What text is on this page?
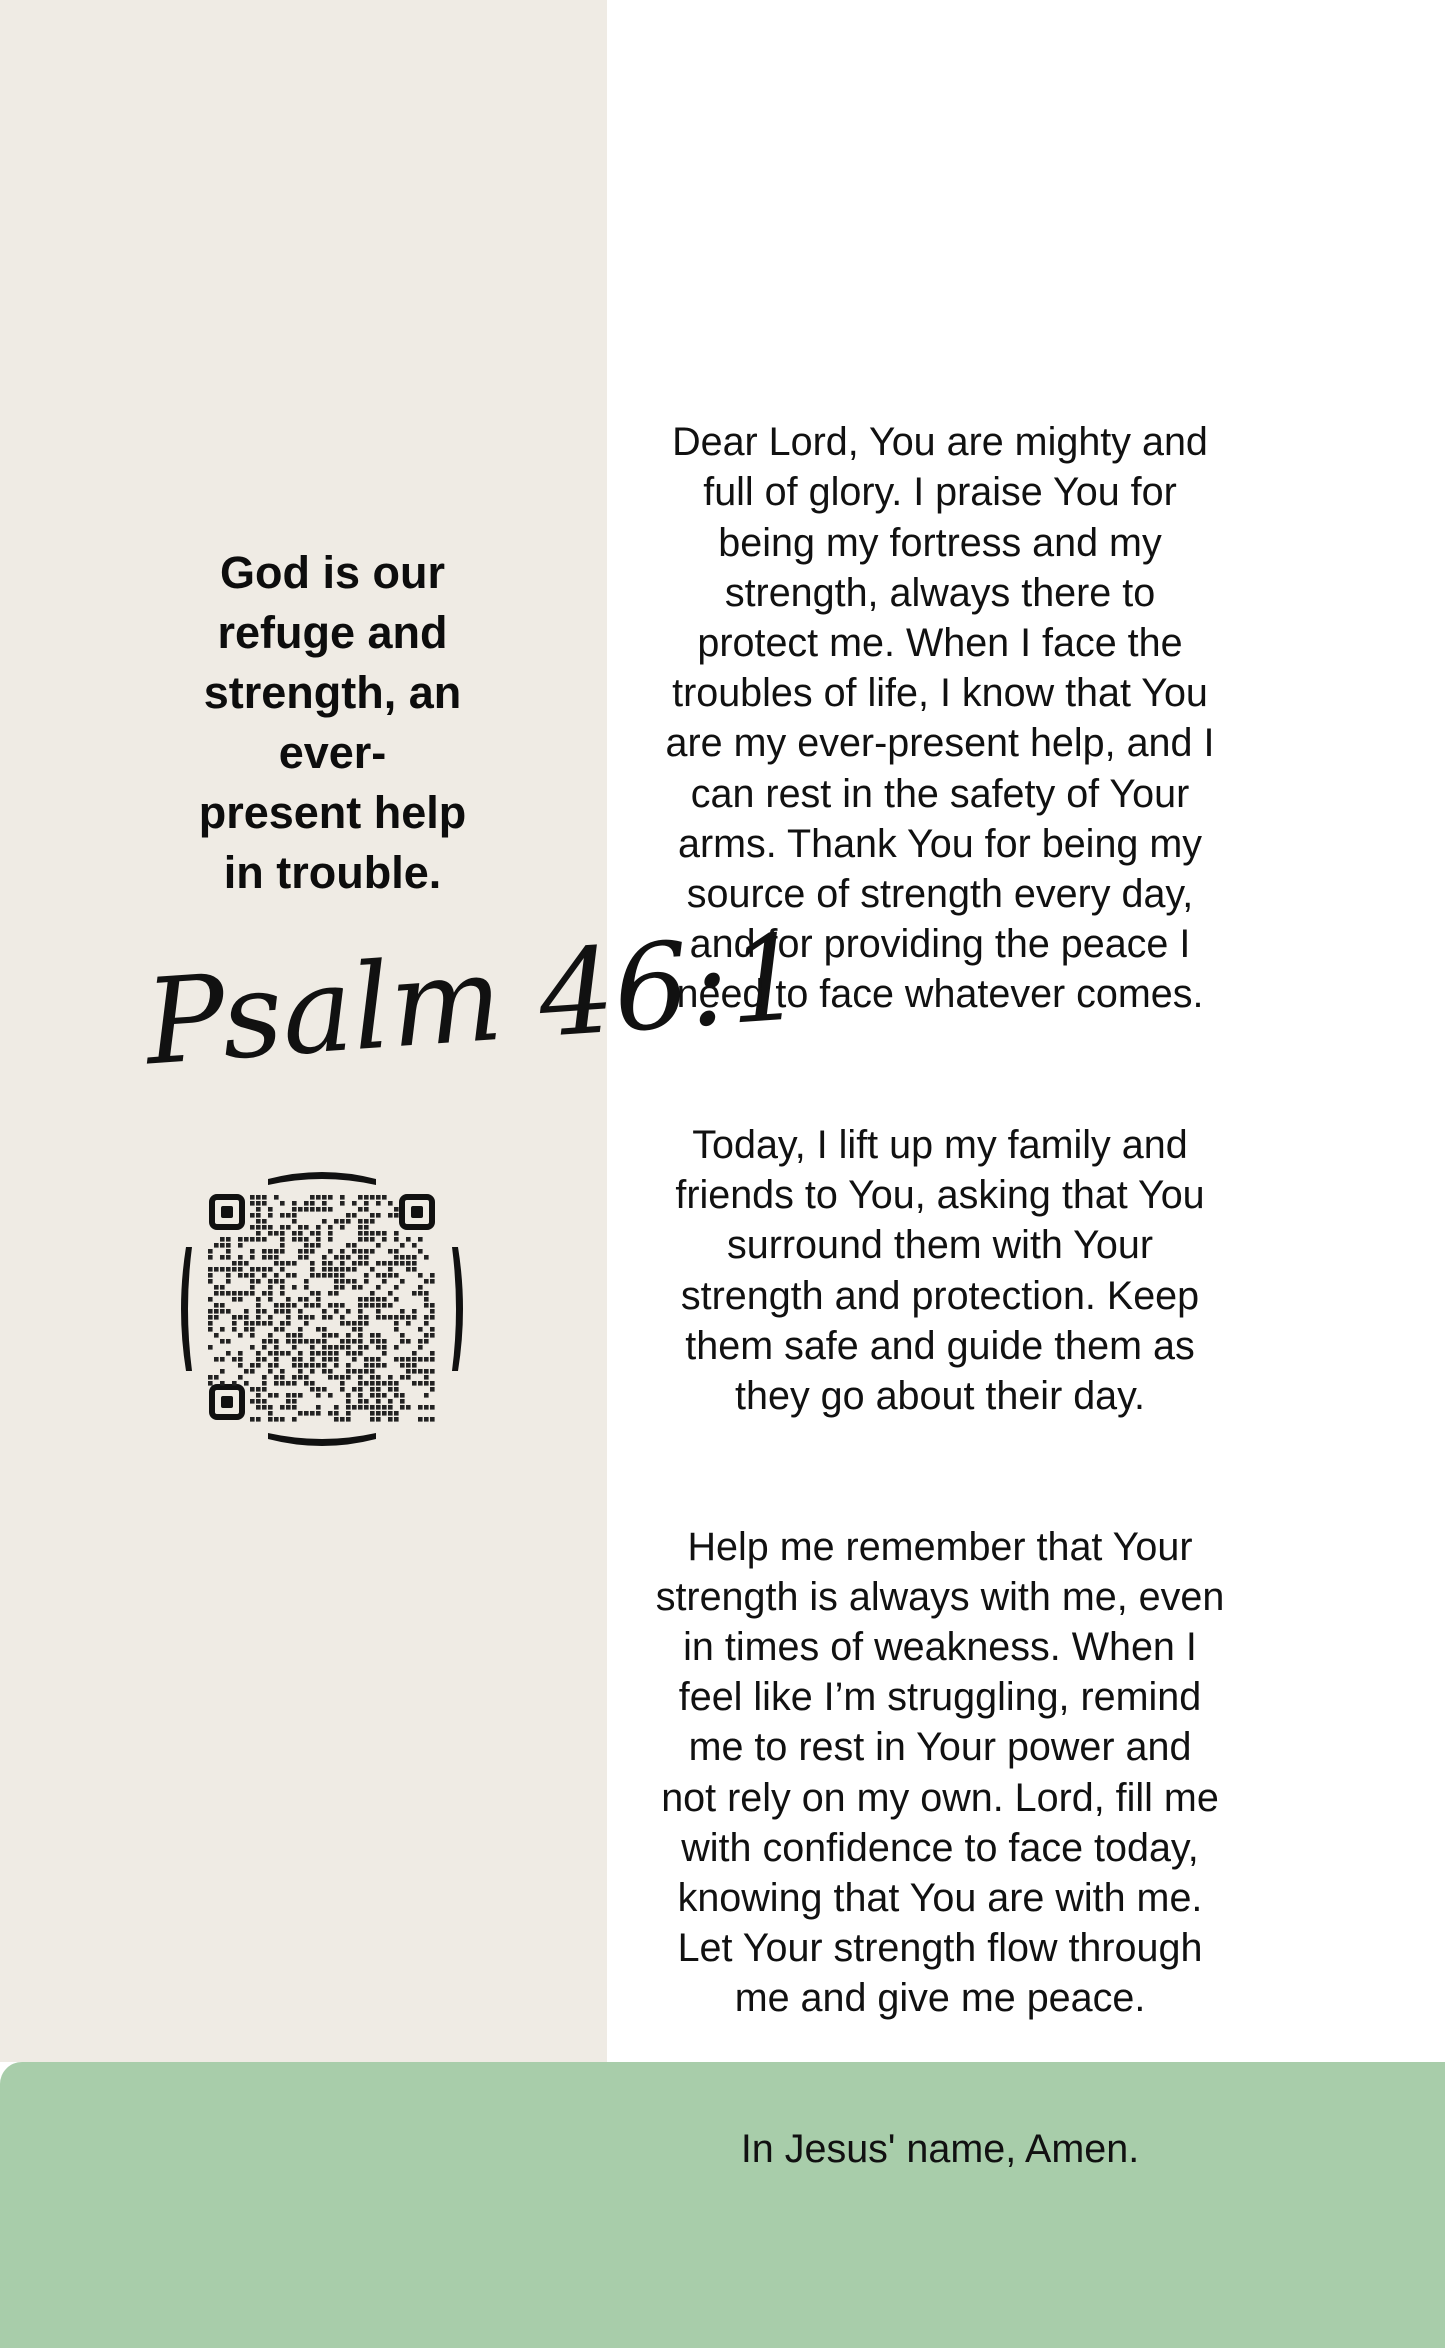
God is our
refuge and
strength, an
ever-
present help
in trouble.
Psalm 46:1

Dear Lord, You are mighty and
full of glory. I praise You for
being my fortress and my
strength, always there to
protect me. When I face the
troubles of life, I know that You
are my ever-present help, and I
can rest in the safety of Your
arms. Thank You for being my
source of strength every day,
and for providing the peace I
need to face whatever comes.

Today, I lift up my family and
friends to You, asking that You
surround them with Your
strength and protection. Keep
them safe and guide them as
they go about their day.

Help me remember that Your
strength is always with me, even
in times of weakness. When I
feel like I’m struggling, remind
me to rest in Your power and
not rely on my own. Lord, fill me
with confidence to face today,
knowing that You are with me.
Let Your strength flow through
me and give me peace.

In Jesus' name, Amen.
